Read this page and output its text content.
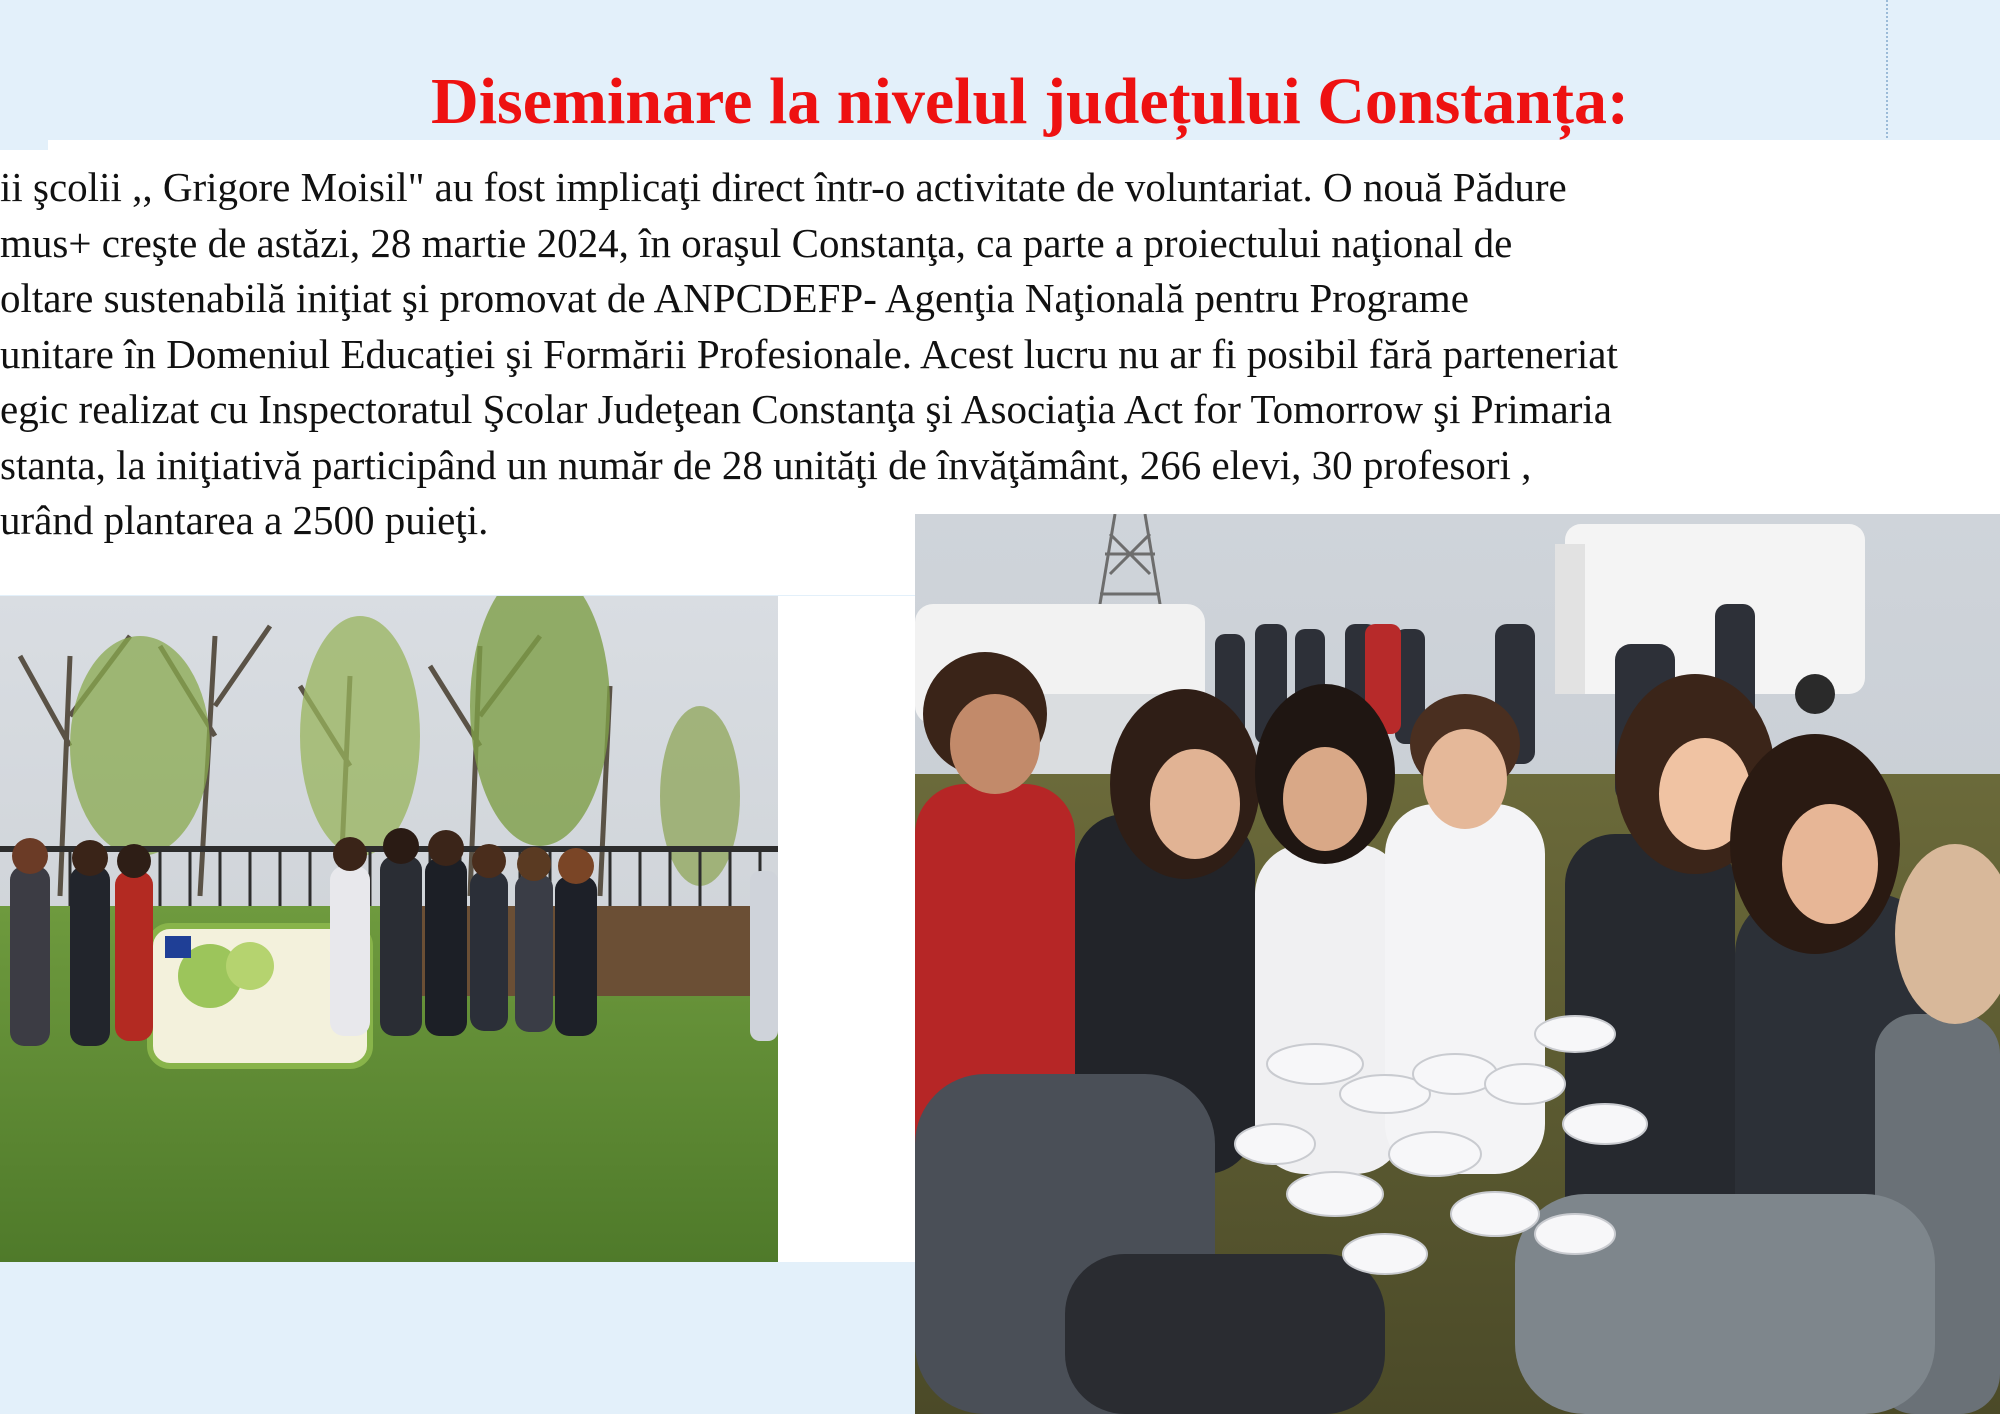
Diseminare la nivelul județului Constanța:
ii şcolii ,, Grigore Moisil" au fost implicaţi direct într-o activitate de voluntariat. O nouă Pădure
mus+ creşte de astăzi, 28 martie 2024, în oraşul Constanţa, ca parte a proiectului naţional de
oltare sustenabilă iniţiat şi promovat de ANPCDEFP- Agenţia Naţională pentru Programe
unitare în Domeniul Educaţiei şi Formării Profesionale. Acest lucru nu ar fi posibil fără parteneriat
egic realizat cu Inspectoratul Şcolar Judeţean Constanţa şi Asociaţia Act for Tomorrow şi Primaria
stanta, la iniţiativă participând un număr de 28 unităţi de învăţământ, 266 elevi, 30 profesori ,
urând plantarea a 2500 puieţi.
